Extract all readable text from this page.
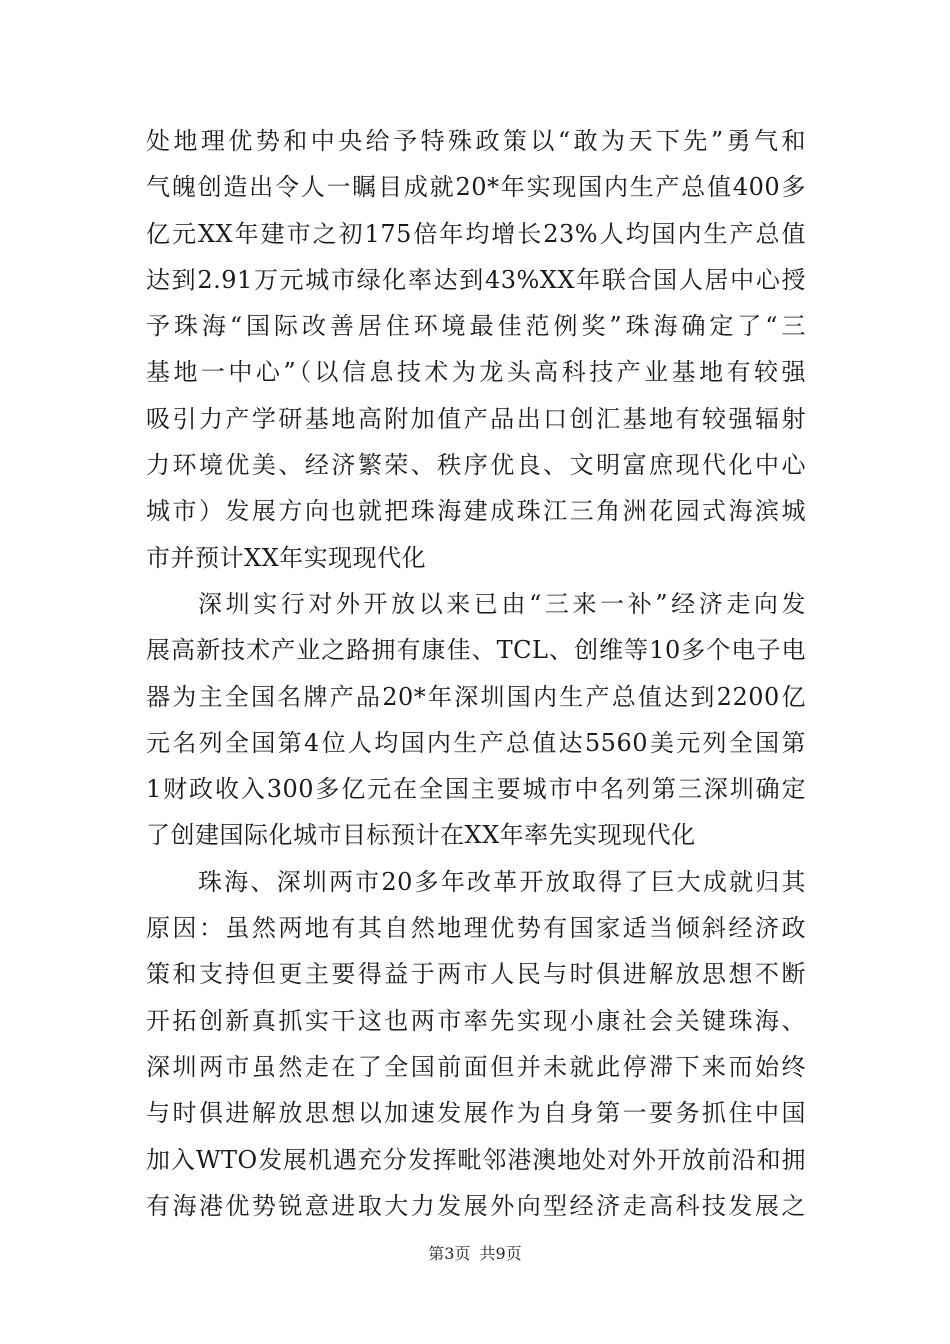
处地理优势和中央给予特殊政策以“敢为天下先”勇气和
气魄创造出令人一瞩目成就20*年实现国内生产总值400多
亿元XX年建市之初175倍年均增长23%人均国内生产总值
达到2.91万元城市绿化率达到43%XX年联合国人居中心授
予珠海“国际改善居住环境最佳范例奖”珠海确定了“三
基地一中心”（以信息技术为龙头高科技产业基地有较强
吸引力产学研基地高附加值产品出口创汇基地有较强辐射
力环境优美、经济繁荣、秩序优良、文明富庶现代化中心
城市）发展方向也就把珠海建成珠江三角洲花园式海滨城
市并预计XX年实现现代化
深圳实行对外开放以来已由“三来一补”经济走向发
展高新技术产业之路拥有康佳、TCL、创维等10多个电子电
器为主全国名牌产品20*年深圳国内生产总值达到2200亿
元名列全国第4位人均国内生产总值达5560美元列全国第
1财政收入300多亿元在全国主要城市中名列第三深圳确定
了创建国际化城市目标预计在XX年率先实现现代化
珠海、深圳两市20多年改革开放取得了巨大成就归其
原因：虽然两地有其自然地理优势有国家适当倾斜经济政
策和支持但更主要得益于两市人民与时俱进解放思想不断
开拓创新真抓实干这也两市率先实现小康社会关键珠海、
深圳两市虽然走在了全国前面但并未就此停滞下来而始终
与时俱进解放思想以加速发展作为自身第一要务抓住中国
加入WTO发展机遇充分发挥毗邻港澳地处对外开放前沿和拥
有海港优势锐意进取大力发展外向型经济走高科技发展之
第3页 共9页
